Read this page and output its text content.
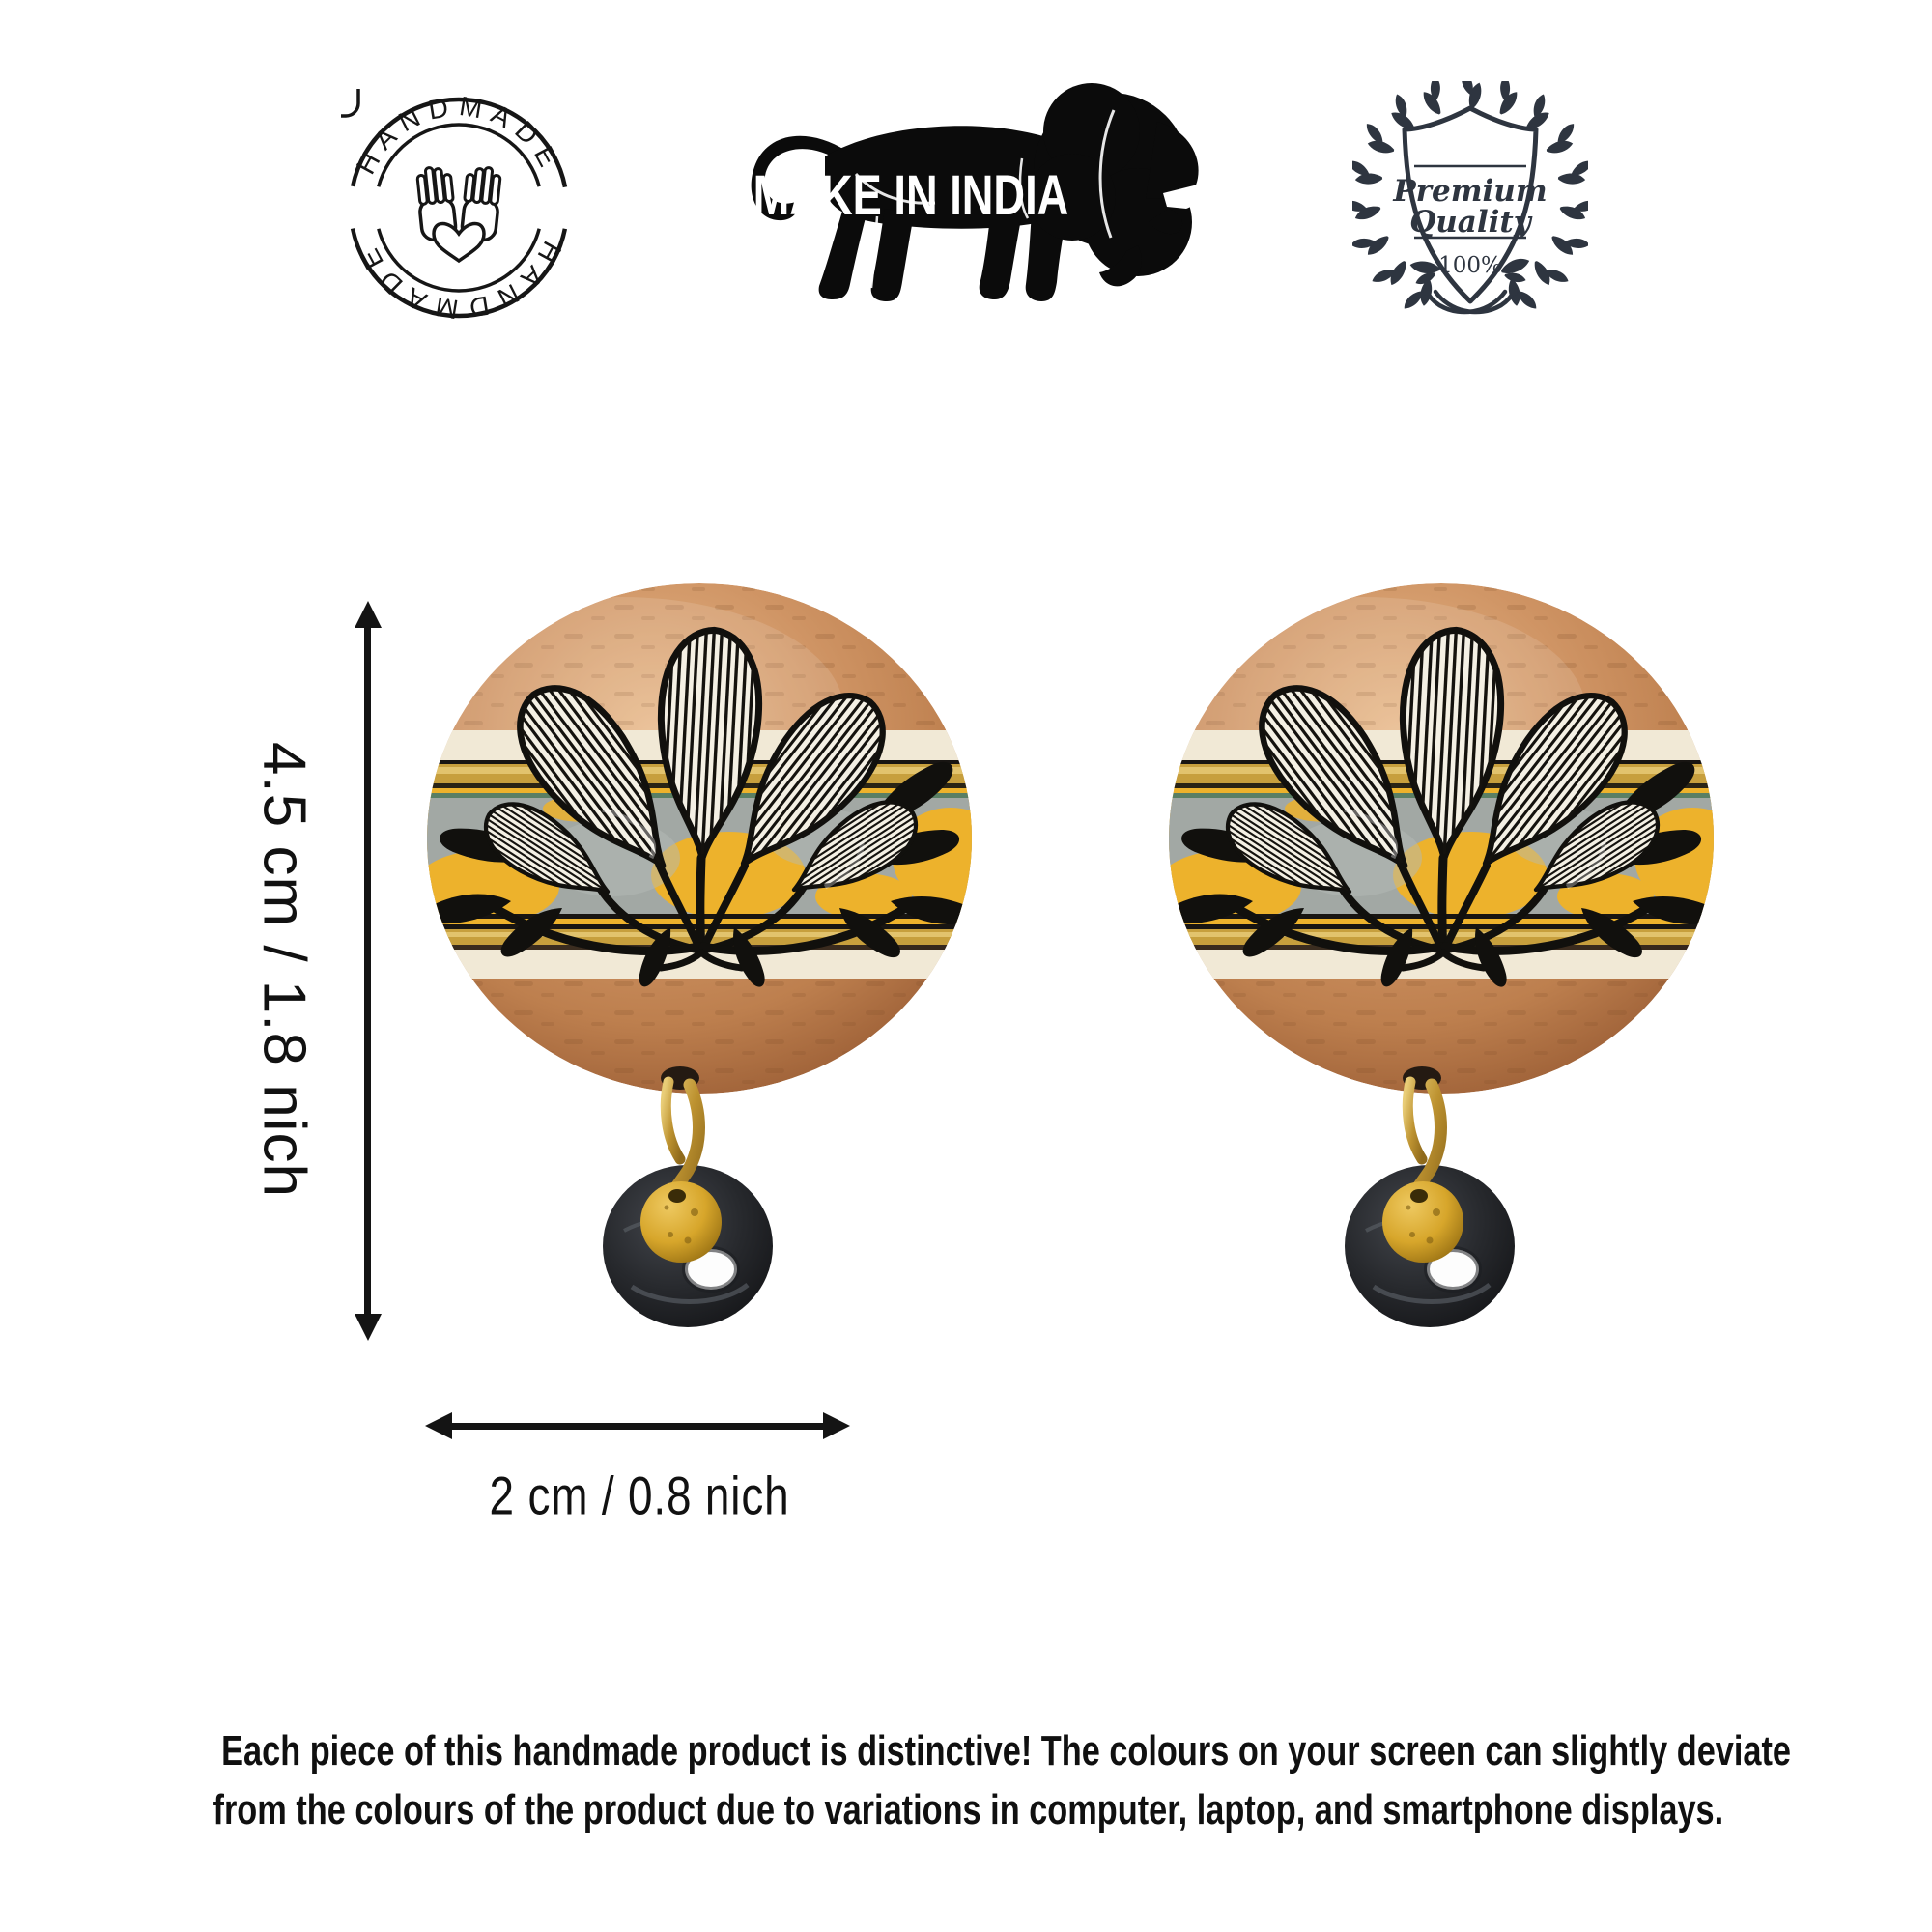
HANDMADE
HANDMADE
MAKE IN INDIA	Premium
Quality
100%
4.5 cm / 1.8 nich
2 cm / 0.8 nich
Each piece of this handmade product is distinctive! The colours on your screen can slightly deviate
from the colours of the product due to variations in computer, laptop, and smartphone displays.
